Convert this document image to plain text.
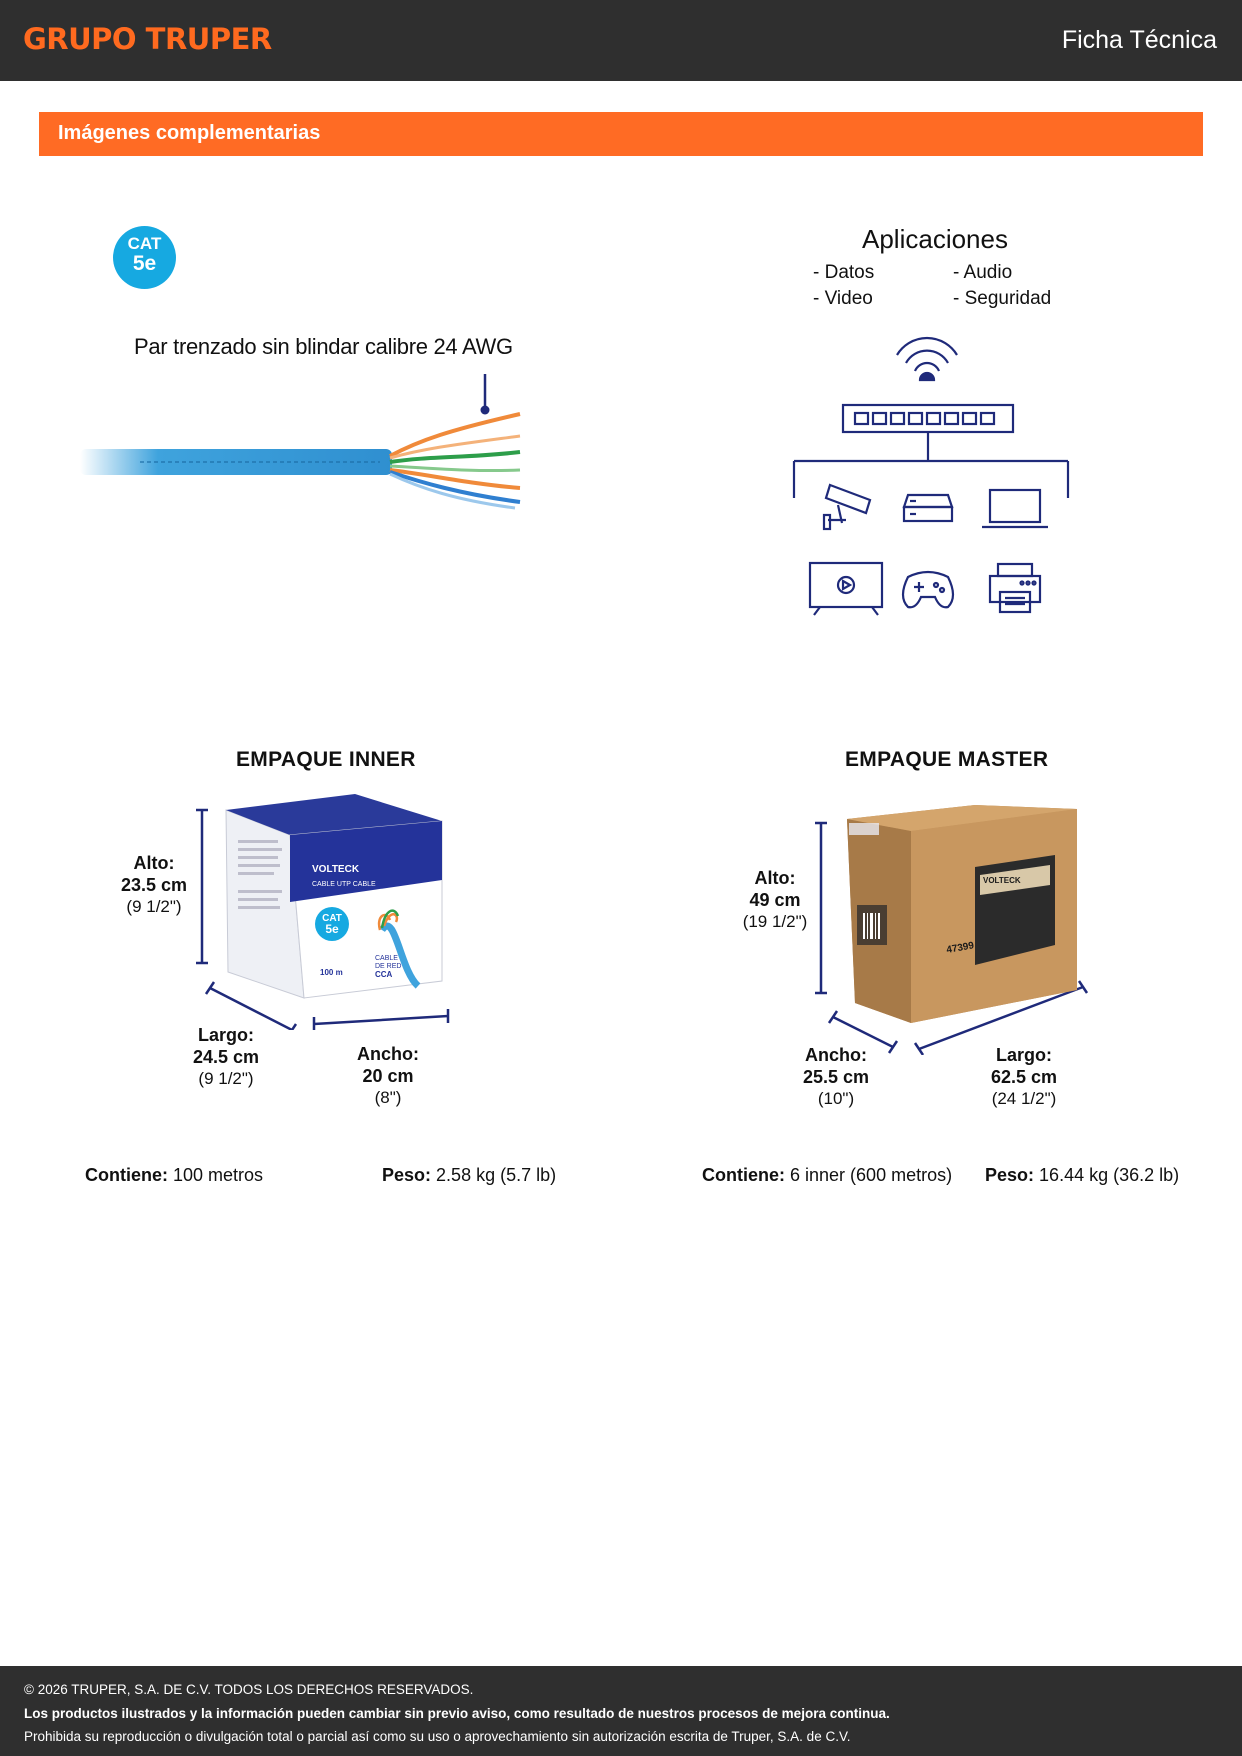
GRUPO TRUPER	Ficha Técnica
Imágenes complementarias
CAT
5e
Par trenzado sin blindar calibre 24 AWG
Aplicaciones
- Datos	- Audio
- Video	- Seguridad
EMPAQUE INNER
CAT
5e
VOLTECK
CABLE UTP CABLE
100 m
CABLE
DE RED
CCA
Alto:
23.5 cm
(9 1/2")
Largo:
24.5 cm
(9 1/2")
Ancho:
20 cm
(8")
EMPAQUE MASTER
VOLTECK
47399
Alto:
49 cm
(19 1/2")
Ancho:
25.5 cm
(10")
Largo:
62.5 cm
(24 1/2")
Contiene: 100 metros	Peso: 2.58 kg (5.7 lb)	Contiene: 6 inner (600 metros) Peso: 16.44 kg (36.2 lb)
© 2026 TRUPER, S.A. DE C.V. TODOS LOS DERECHOS RESERVADOS.
Los productos ilustrados y la información pueden cambiar sin previo aviso, como resultado de nuestros procesos de mejora continua.
Prohibida su reproducción o divulgación total o parcial así como su uso o aprovechamiento sin autorización escrita de Truper, S.A. de C.V.
